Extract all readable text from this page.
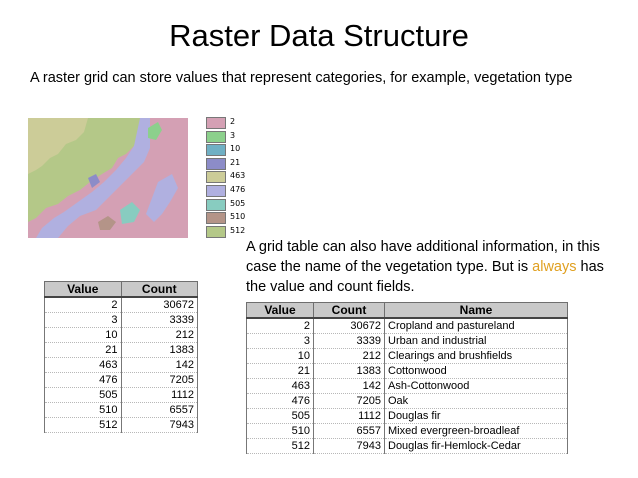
Raster Data Structure
A raster grid can store values that represent categories, for example, vegetation type
2
3
10
21
463
476
505
510
512
A grid table can also have additional information, in this case the name of the vegetation type. But is always has the value and count fields.
Value	Count
2	30672
3	3339
10	212
21	1383
463	142
476	7205
505	1112
510	6557
512	7943
Value	Count	Name
2	30672	Cropland and pastureland
3	3339	Urban and industrial
10	212	Clearings and brushfields
21	1383	Cottonwood
463	142	Ash-Cottonwood
476	7205	Oak
505	1112	Douglas fir
510	6557	Mixed evergreen-broadleaf
512	7943	Douglas fir-Hemlock-Cedar
